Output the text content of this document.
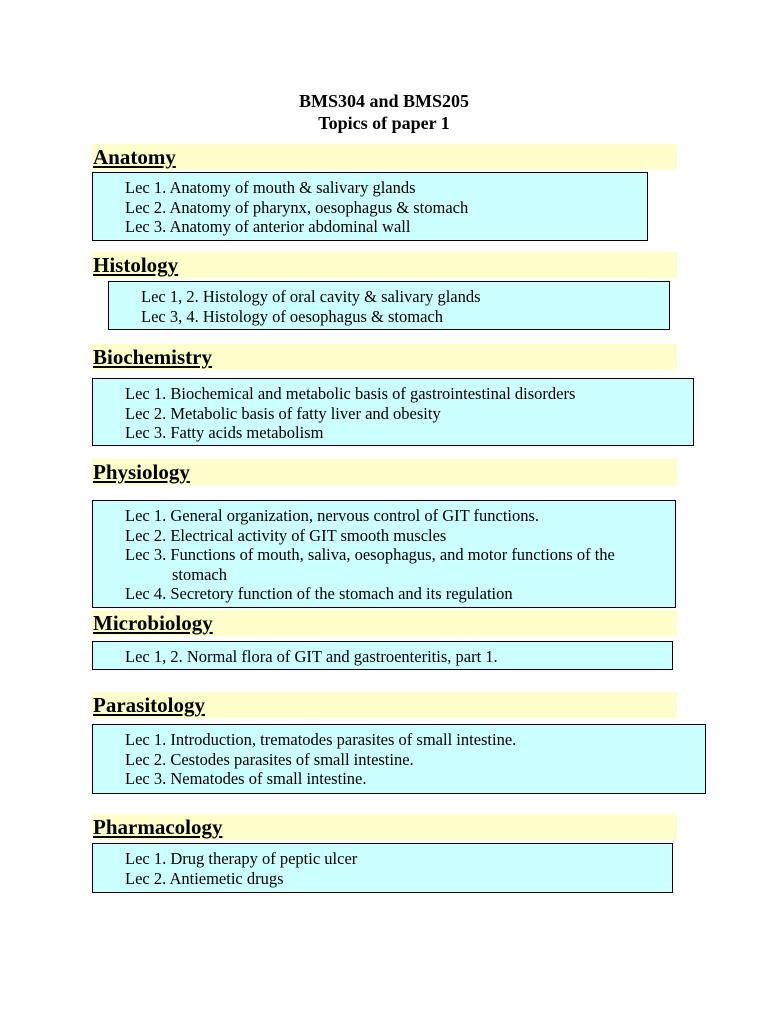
BMS304 and BMS205
Topics of paper 1
Anatomy
Lec 1. Anatomy of mouth & salivary glands
Lec 2. Anatomy of pharynx, oesophagus & stomach
Lec 3. Anatomy of anterior abdominal wall
Histology
Lec 1, 2. Histology of oral cavity & salivary glands
Lec 3, 4. Histology of oesophagus & stomach
Biochemistry
Lec 1. Biochemical and metabolic basis of gastrointestinal disorders
Lec 2. Metabolic basis of fatty liver and obesity
Lec 3. Fatty acids metabolism
Physiology
Lec 1. General organization, nervous control of GIT functions.
Lec 2. Electrical activity of GIT smooth muscles
Lec 3. Functions of mouth, saliva, oesophagus, and motor functions of the
stomach
Lec 4. Secretory function of the stomach and its regulation
Microbiology
Lec 1, 2. Normal flora of GIT and gastroenteritis, part 1.
Parasitology
Lec 1. Introduction, trematodes parasites of small intestine.
Lec 2. Cestodes parasites of small intestine.
Lec 3. Nematodes of small intestine.
Pharmacology
Lec 1. Drug therapy of peptic ulcer
Lec 2. Antiemetic drugs
